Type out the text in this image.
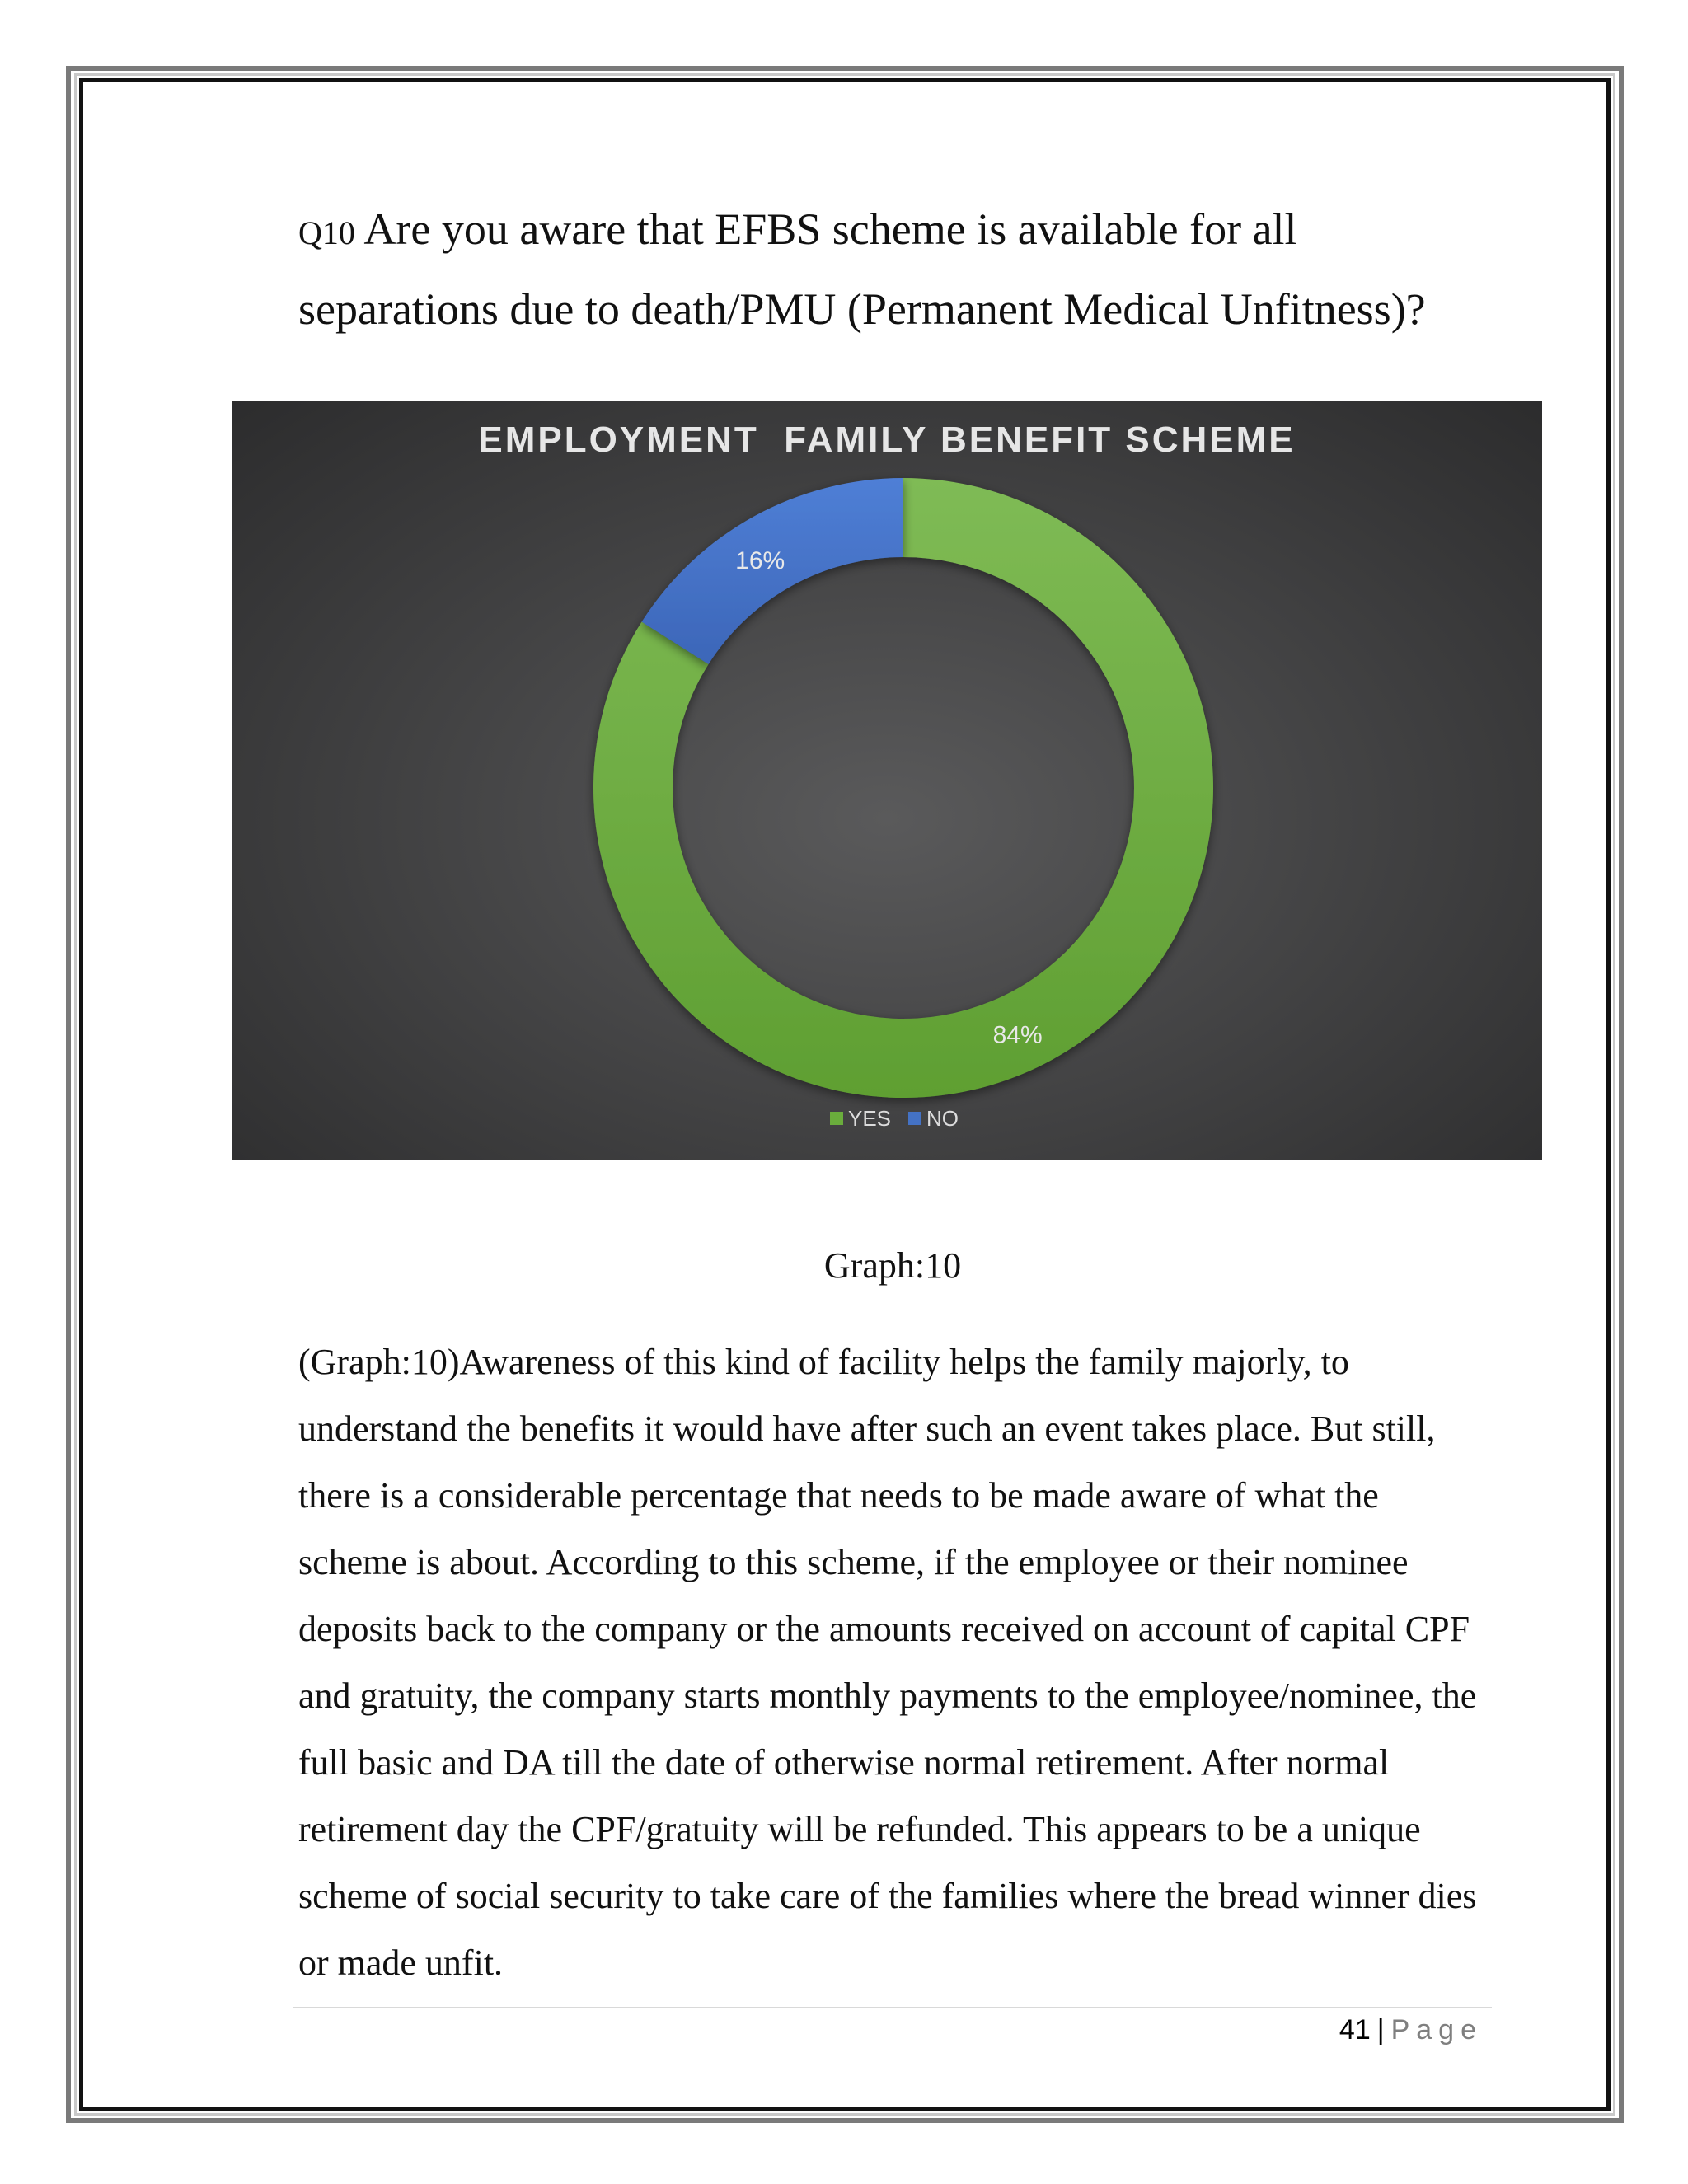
Q10 Are you aware that EFBS scheme is available for all separations due to death/PMU (Permanent Medical Unfitness)?

EMPLOYMENT  FAMILY BENEFIT SCHEME
84%
16%
YES NO

Graph:10

(Graph:10)Awareness of this kind of facility helps the family majorly, to understand the benefits it would have after such an event takes place. But still, there is a considerable percentage that needs to be made aware of what the scheme is about. According to this scheme, if the employee or their nominee deposits back to the company or the amounts received on account of capital CPF and gratuity, the company starts monthly payments to the employee/nominee, the full basic and DA till the date of otherwise normal retirement. After normal retirement day the CPF/gratuity will be refunded. This appears to be a unique scheme of social security to take care of the families where the bread winner dies or made unfit.

41 | Page
